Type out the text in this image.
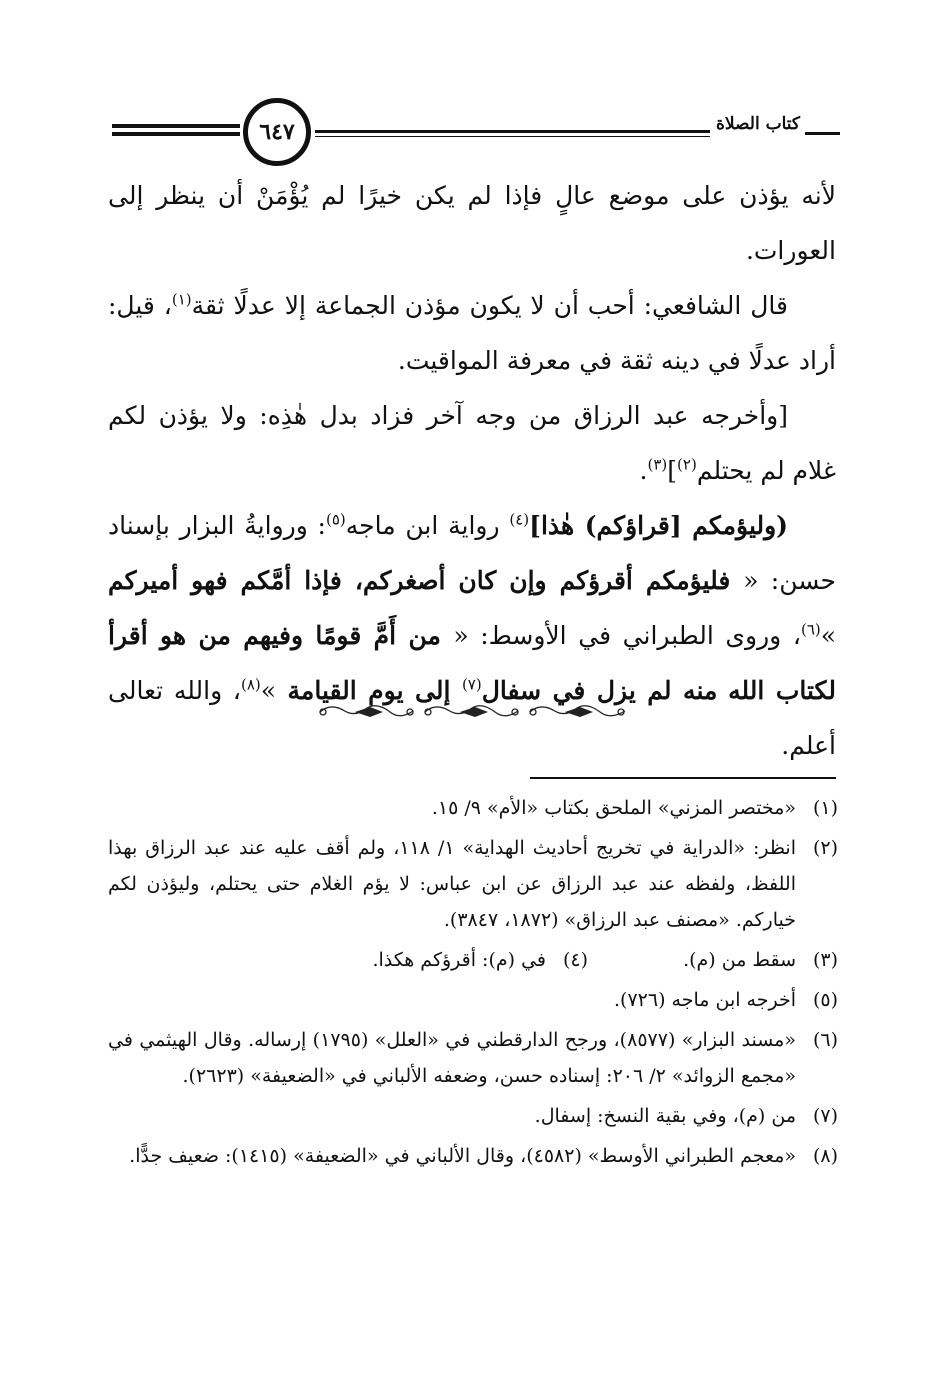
٦٤٧	كتاب الصلاة

لأنه يؤذن على موضع عالٍ فإذا لم يكن خيرًا لم يُؤْمَنْ أن ينظر إلى العورات.

قال الشافعي: أحب أن لا يكون مؤذن الجماعة إلا عدلًا ثقة$^{(١)}$، قيل: أراد عدلًا في دينه ثقة في معرفة المواقيت.

[وأخرجه عبد الرزاق من وجه آخر فزاد بدل هٰذِه: ولا يؤذن لكم غلام لم يحتلم$^{(٢)}$]$^{(٣)}$.

(وليؤمكم [قراؤكم) هٰذا]$^{(٤)}$ رواية ابن ماجه$^{(٥)}$: وروايةُ البزار بإسناد حسن: « فليؤمكم أقرؤكم وإن كان أصغركم، فإذا أمَّكم فهو أميركم »$^{(٦)}$، وروى الطبراني في الأوسط: « من أَمَّ قومًا وفيهم من هو أقرأ لكتاب الله منه لم يزل في سفال$^{(٧)}$ إلى يوم القيامة »$^{(٨)}$، والله تعالى أعلم.

(١)
«مختصر المزني» الملحق بكتاب «الأم» ٩/ ١٥.
(٢)
انظر: «الدراية في تخريج أحاديث الهداية» ١/ ١١٨، ولم أقف عليه عند عبد الرزاق بهذا اللفظ، ولفظه عند عبد الرزاق عن ابن عباس: لا يؤم الغلام حتى يحتلم، وليؤذن لكم خياركم. «مصنف عبد الرزاق» (١٨٧٢، ٣٨٤٧).
(٣)
سقط من (م).
(٤)
في (م): أقرؤكم هكذا.
(٥)
أخرجه ابن ماجه (٧٢٦).
(٦)
«مسند البزار» (٨٥٧٧)، ورجح الدارقطني في «العلل» (١٧٩٥) إرساله. وقال الهيثمي في «مجمع الزوائد» ٢/ ٢٠٦: إسناده حسن، وضعفه الألباني في «الضعيفة» (٢٦٢٣).
(٧)
من (م)، وفي بقية النسخ: إسفال.
(٨)
«معجم الطبراني الأوسط» (٤٥٨٢)، وقال الألباني في «الضعيفة» (١٤١٥): ضعيف جدًّا.
